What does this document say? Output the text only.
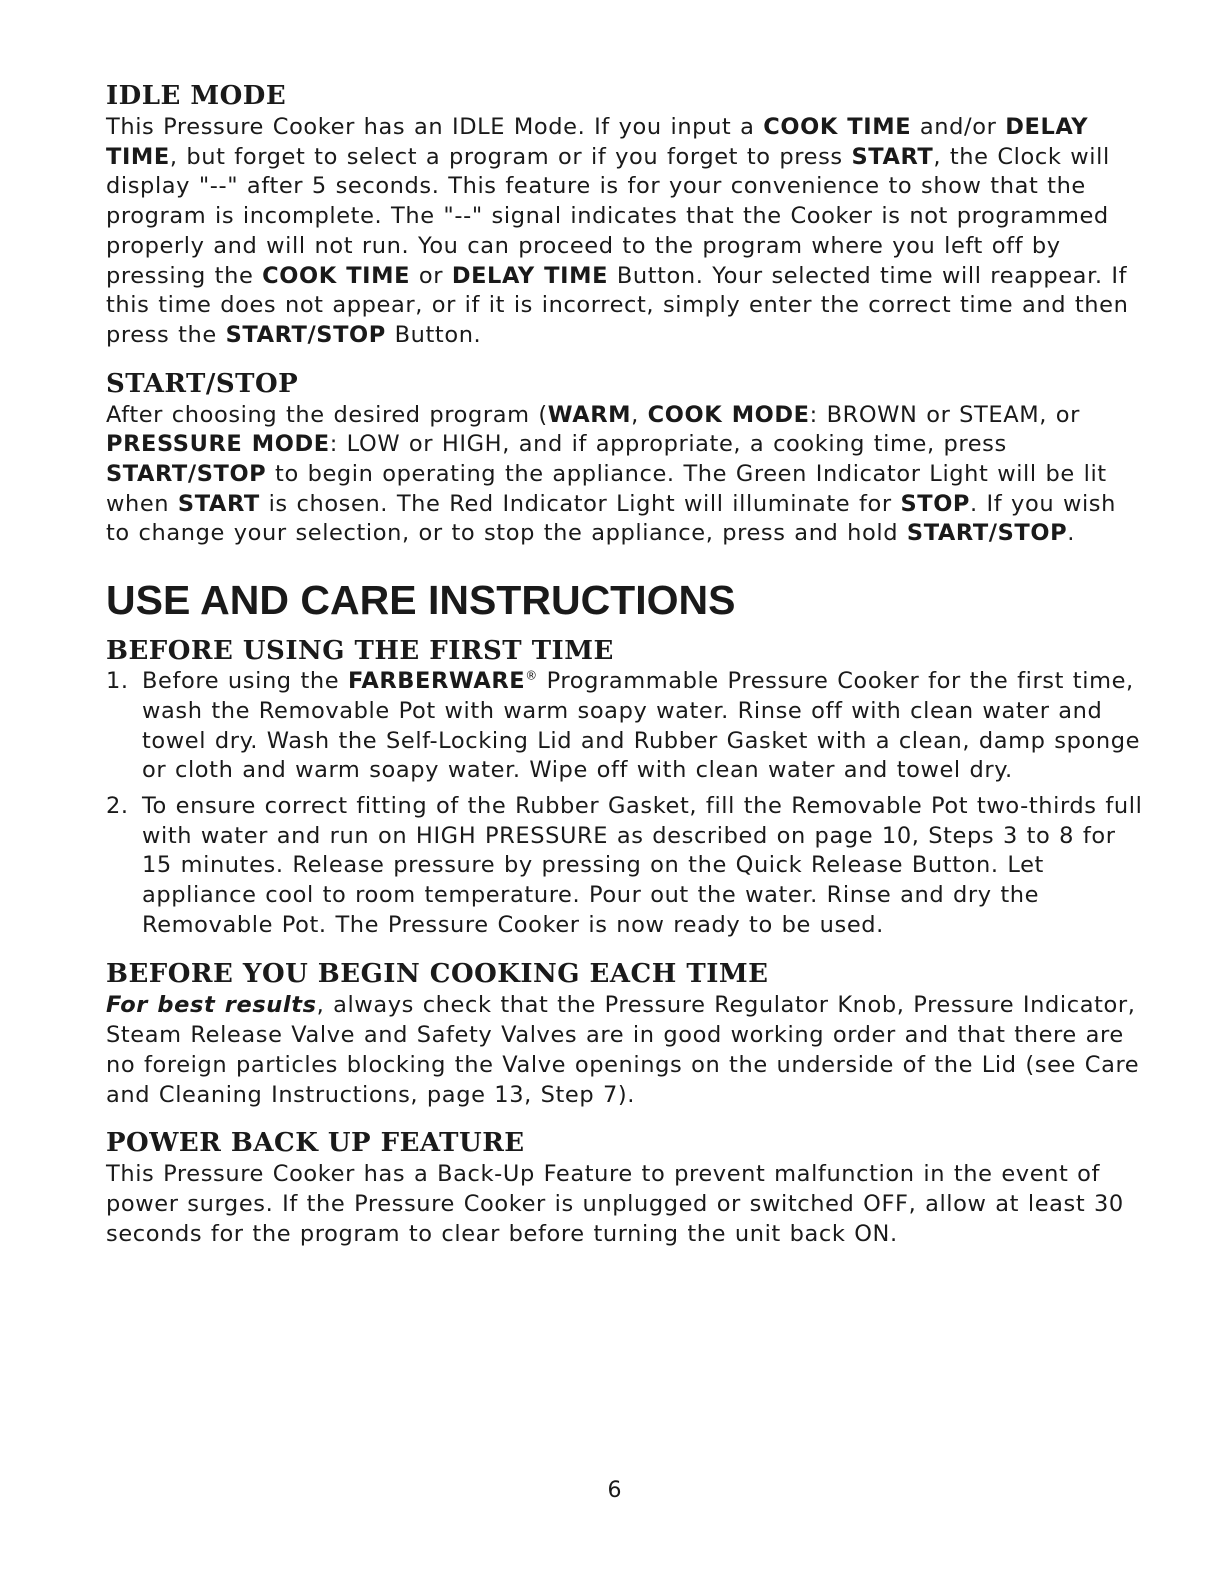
IDLE MODE

This Pressure Cooker has an IDLE Mode. If you input a COOK TIME and/or DELAY TIME, but forget to select a program or if you forget to press START, the Clock will display "--" after 5 seconds. This feature is for your convenience to show that the program is incomplete. The "--" signal indicates that the Cooker is not programmed properly and will not run. You can proceed to the program where you left off by pressing the COOK TIME or DELAY TIME Button. Your selected time will reappear. If this time does not appear, or if it is incorrect, simply enter the correct time and then press the START/STOP Button.

START/STOP

After choosing the desired program (WARM, COOK MODE: BROWN or STEAM, or PRESSURE MODE: LOW or HIGH, and if appropriate, a cooking time, press START/STOP to begin operating the appliance. The Green Indicator Light will be lit when START is chosen. The Red Indicator Light will illuminate for STOP. If you wish to change your selection, or to stop the appliance, press and hold START/STOP.

USE AND CARE INSTRUCTIONS
BEFORE USING THE FIRST TIME
1. Before using the FARBERWARE® Programmable Pressure Cooker for the first time, wash the Removable Pot with warm soapy water. Rinse off with clean water and towel dry. Wash the Self-Locking Lid and Rubber Gasket with a clean, damp sponge or cloth and warm soapy water. Wipe off with clean water and towel dry.
2. To ensure correct fitting of the Rubber Gasket, fill the Removable Pot two-thirds full with water and run on HIGH PRESSURE as described on page 10, Steps 3 to 8 for 15 minutes. Release pressure by pressing on the Quick Release Button. Let appliance cool to room temperature. Pour out the water. Rinse and dry the Removable Pot. The Pressure Cooker is now ready to be used.
BEFORE YOU BEGIN COOKING EACH TIME

For best results, always check that the Pressure Regulator Knob, Pressure Indicator, Steam Release Valve and Safety Valves are in good working order and that there are no foreign particles blocking the Valve openings on the underside of the Lid (see Care and Cleaning Instructions, page 13, Step 7).

POWER BACK UP FEATURE

This Pressure Cooker has a Back-Up Feature to prevent malfunction in the event of power surges. If the Pressure Cooker is unplugged or switched OFF, allow at least 30 seconds for the program to clear before turning the unit back ON.

6
